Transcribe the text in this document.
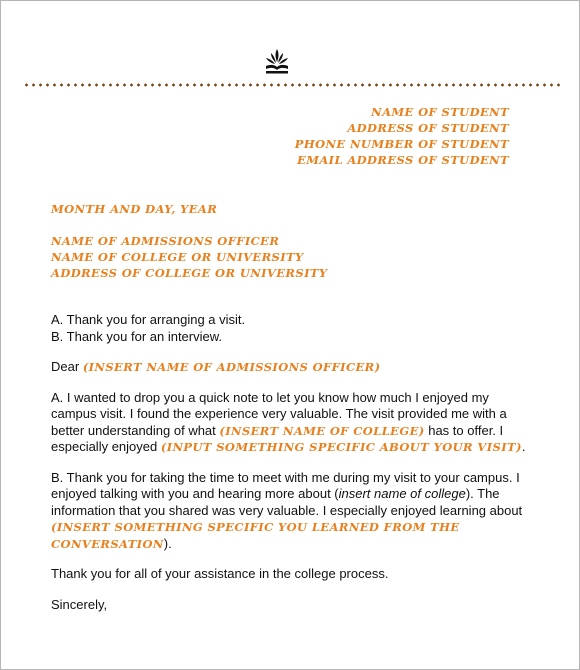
NAME OF STUDENT
ADDRESS OF STUDENT
PHONE NUMBER OF STUDENT
EMAIL ADDRESS OF STUDENT
MONTH AND DAY, YEAR
NAME OF ADMISSIONS OFFICER
NAME OF COLLEGE OR UNIVERSITY
ADDRESS OF COLLEGE OR UNIVERSITY

A. Thank you for arranging a visit.
B. Thank you for an interview.

Dear (INSERT NAME OF ADMISSIONS OFFICER)

A. I wanted to drop you a quick note to let you know how much I enjoyed my campus visit. I found the experience very valuable. The visit provided me with a better understanding of what (INSERT NAME OF COLLEGE) has to offer. I especially enjoyed (INPUT SOMETHING SPECIFIC ABOUT YOUR VISIT).

B. Thank you for taking the time to meet with me during my visit to your campus. I enjoyed talking with you and hearing more about (insert name of college). The information that you shared was very valuable. I especially enjoyed learning about (INSERT SOMETHING SPECIFIC YOU LEARNED FROM THE CONVERSATION).

Thank you for all of your assistance in the college process.

Sincerely,
